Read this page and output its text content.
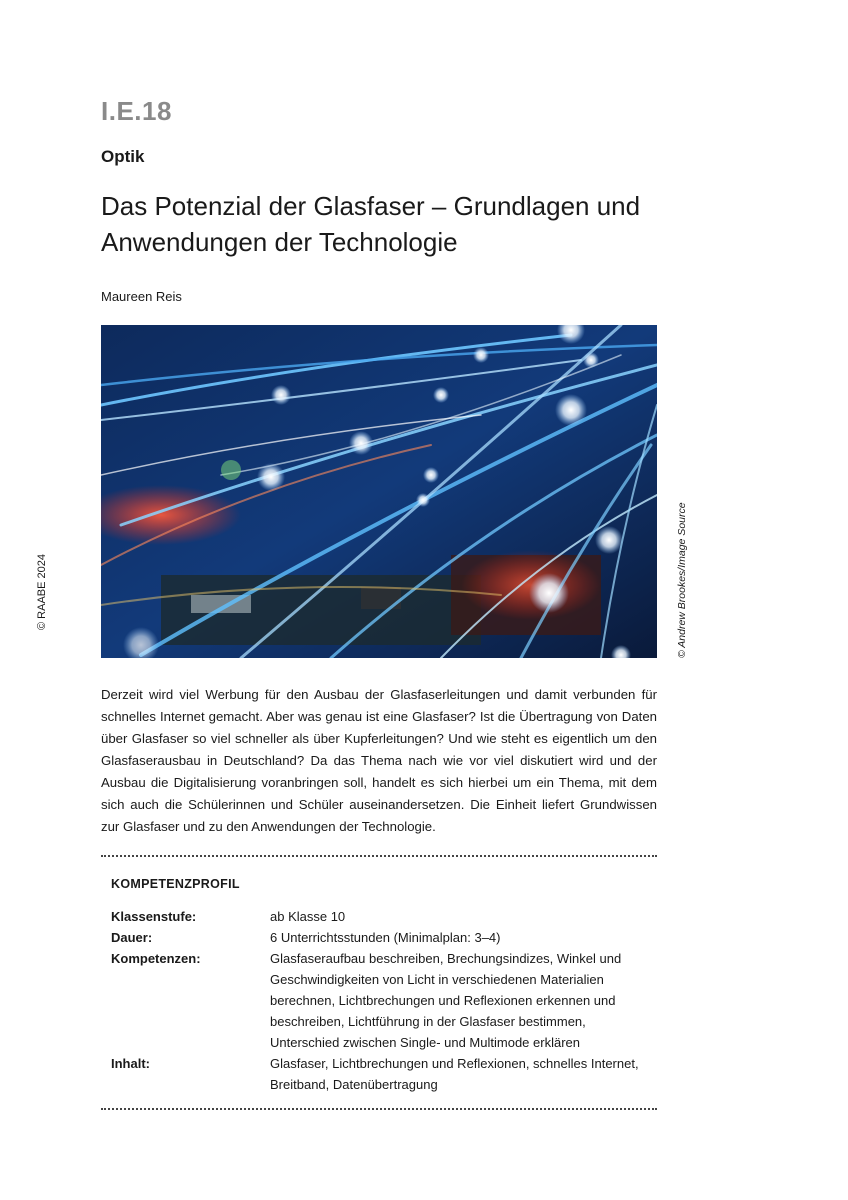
I.E.18
Optik
Das Potenzial der Glasfaser – Grundlagen und Anwendungen der Technologie
Maureen Reis
© RAABE 2024	© Andrew Brookes/Image Source

Derzeit wird viel Werbung für den Ausbau der Glasfaserleitungen und damit verbunden für schnelles Internet gemacht. Aber was genau ist eine Glasfaser? Ist die Übertragung von Daten über Glasfaser so viel schneller als über Kupferleitungen? Und wie steht es eigentlich um den Glasfaserausbau in Deutschland? Da das Thema nach wie vor viel diskutiert wird und der Ausbau die Digitalisierung voranbringen soll, handelt es sich hierbei um ein Thema, mit dem sich auch die Schülerinnen und Schüler auseinandersetzen. Die Einheit liefert Grundwissen zur Glasfaser und zu den Anwendungen der Technologie.

KOMPETENZPROFIL
Klassenstufe:	ab Klasse 10

Dauer:	6 Unterrichtsstunden (Minimalplan: 3–4)

Kompetenzen:	Glasfaseraufbau beschreiben, Brechungsindizes, Winkel und Geschwindigkeiten von Licht in verschiedenen Materialien berechnen, Lichtbrechungen und Reflexionen erkennen und beschreiben, Lichtführung in der Glasfaser bestimmen, Unterschied zwischen Single- und Multimode erklären

Inhalt:	Glasfaser, Lichtbrechungen und Reflexionen, schnelles Internet, Breitband, Datenübertragung
